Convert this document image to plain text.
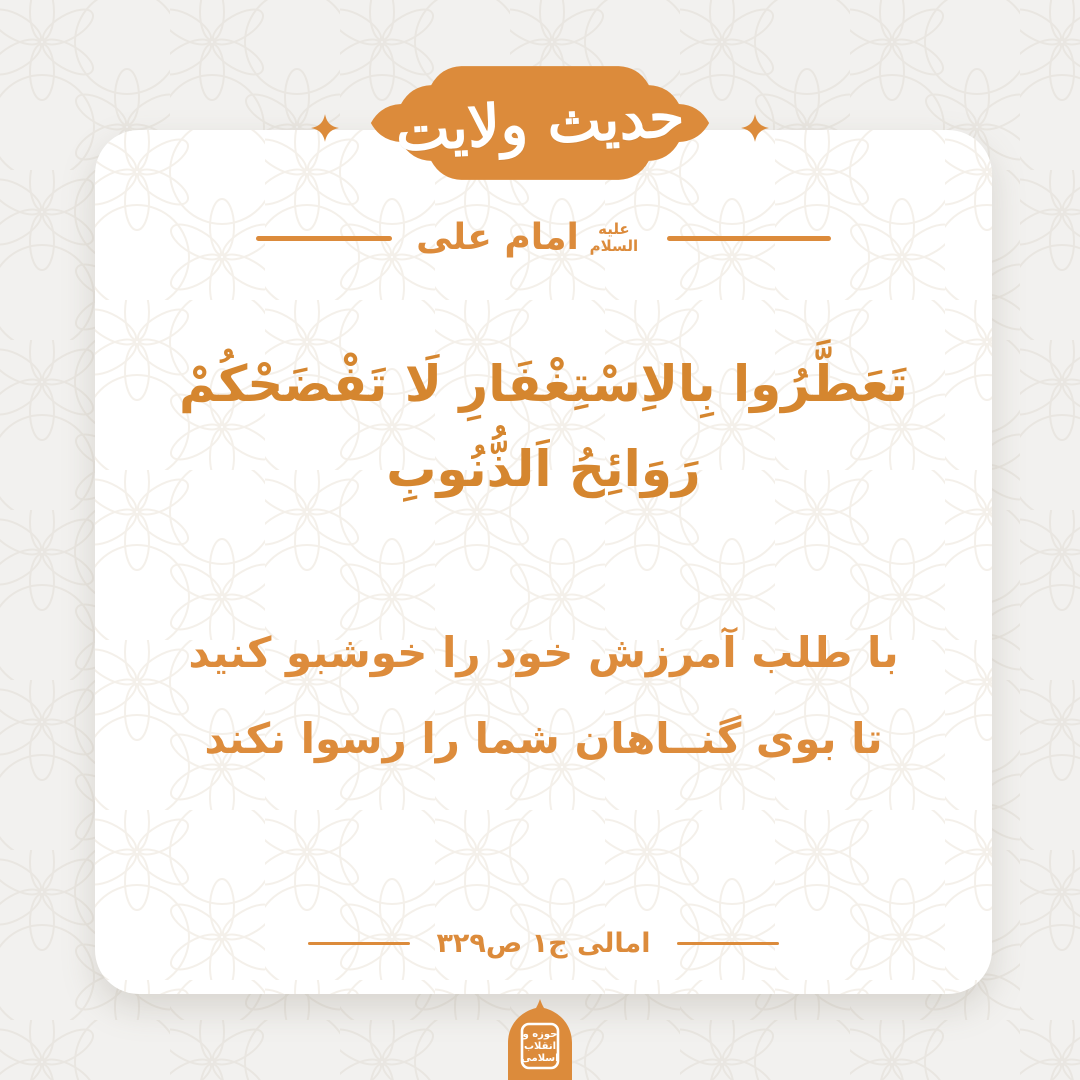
امام علی	علیه السلام
تَعَطَّرُوا بِالاِسْتِغْفَارِ لَا تَفْضَحْكُمْ رَوَائِحُ اَلذُّنُوبِ
با طلب آمرزش خود را خوشبو کنید
تا بوی گنــاهان شما را رسوا نکند
امالی ج۱ ص۳۲۹
حدیث ولایت
حوزه و
انقلاب
اسلامی
